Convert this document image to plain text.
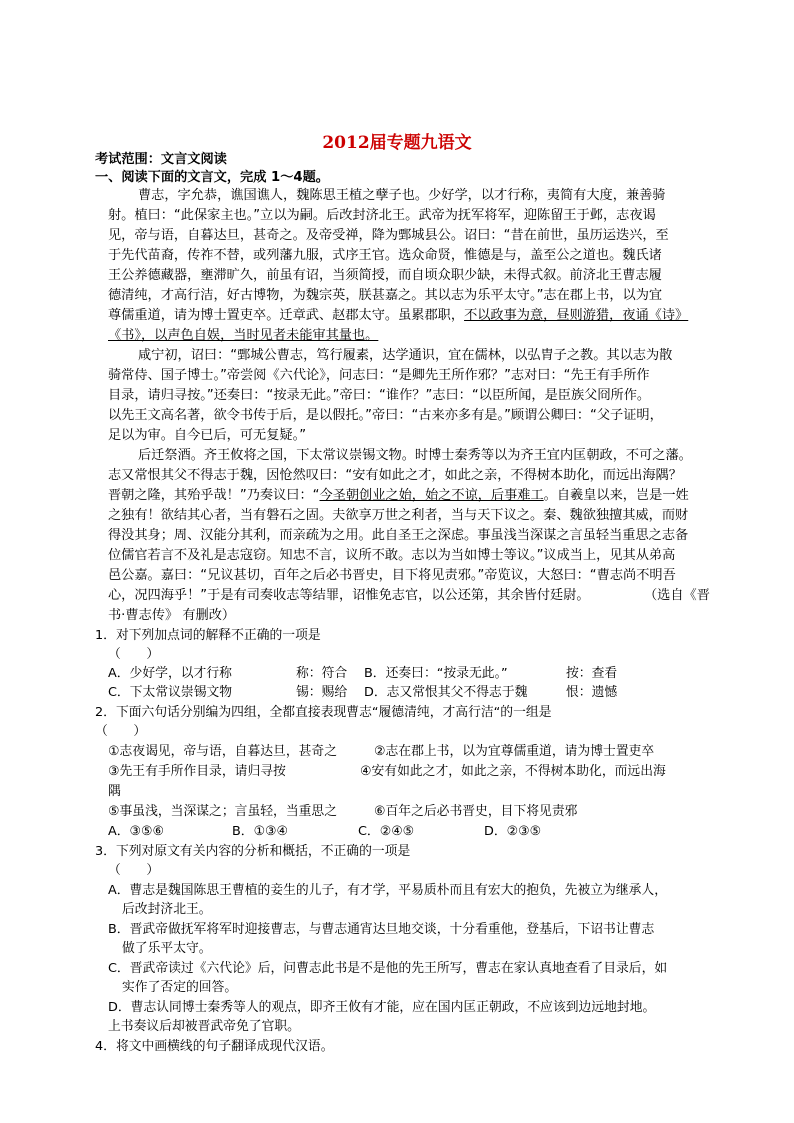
2012届专题九语文
考试范围：文言文阅读
一、阅读下面的文言文，完成 1～4题。
曹志，字允恭，谯国谯人，魏陈思王植之孽子也。少好学，以才行称，夷简有大度，兼善骑
射。植曰：“此保家主也。”立以为嗣。后改封济北王。武帝为抚军将军，迎陈留王于邺，志夜谒
见，帝与语，自暮达旦，甚奇之。及帝受禅，降为鄄城县公。诏曰：“昔在前世，虽历运迭兴，至
于先代苗裔，传祚不替，或列藩九服，式序王官。选众命贤，惟德是与，盖至公之道也。魏氏诸
王公养德藏器，壅滞旷久，前虽有诏，当须简授，而自顷众职少缺，未得式叙。前济北王曹志履
德清纯，才高行洁，好古博物，为魏宗英，朕甚嘉之。其以志为乐平太守。”志在郡上书，以为宜
尊儒重道，请为博士置吏卒。迁章武、赵郡太守。虽累郡职，不以政事为意，昼则游猎，夜诵《诗》
《书》，以声色自娱，当时见者未能审其量也。
咸宁初，诏曰：“鄄城公曹志，笃行履素，达学通识，宜在儒林，以弘胄子之教。其以志为散
骑常侍、国子博士。”帝尝阅《六代论》，问志曰：“是卿先王所作邪？”志对曰：“先王有手所作
目录，请归寻按。”还奏曰：“按录无此。”帝曰：“谁作？”志曰：“以臣所闻，是臣族父冏所作。
以先王文高名著，欲令书传于后，是以假托。”帝曰：“古来亦多有是。”顾谓公卿曰：“父子证明，
足以为审。自今已后，可无复疑。”
后迁祭酒。齐王攸将之国，下太常议崇锡文物。时博士秦秀等以为齐王宜内匡朝政，不可之藩。
志又常恨其父不得志于魏，因怆然叹曰：“安有如此之才，如此之亲，不得树本助化，而远出海隅？
晋朝之隆，其殆乎哉！”乃奏议曰：“今圣朝创业之始，始之不谅，后事难工。自羲皇以来，岂是一姓
之独有！欲结其心者，当有磐石之固。夫欲享万世之利者，当与天下议之。秦、魏欲独擅其威，而财
得没其身；周、汉能分其利，而亲疏为之用。此自圣王之深虑。事虽浅当深谋之言虽轻当重思之志备
位儒官若言不及礼是志寇窃。知忠不言，议所不敢。志以为当如博士等议。”议成当上，见其从弟高
邑公嘉。嘉曰：“兄议甚切，百年之后必书晋史，目下将见责邪。”帝览议，大怒曰：“曹志尚不明吾
心，况四海乎！”于是有司奏收志等结罪，诏惟免志官，以公还第，其余皆付廷尉。	（选自《晋
书·曹志传》 有删改）
1．对下列加点词的解释不正确的一项是
（　　）
A．少好学，以才行称	称：符合 B．还奏曰：“按录无此。”	按：查看
C．下太常议崇锡文物	锡：赐给 D．志又常恨其父不得志于魏	恨：遗憾
2．下面六句话分别编为四组，全都直接表现曹志“履德清纯，才高行洁“的一组是
（　　）
①志夜谒见，帝与语，自暮达旦，甚奇之	②志在郡上书，以为宜尊儒重道，请为博士置吏卒
③先王有手所作目录，请归寻按	④安有如此之才，如此之亲，不得树本助化，而远出海
隅
⑤事虽浅，当深谋之；言虽轻，当重思之	⑥百年之后必书晋史，目下将见责邪
A．③⑤⑥	B．①③④	C．②④⑤	D．②③⑤
3．下列对原文有关内容的分析和概括，不正确的一项是
（　　）
A．曹志是魏国陈思王曹植的妾生的儿子，有才学，平易质朴而且有宏大的抱负，先被立为继承人，
后改封济北王。
B．晋武帝做抚军将军时迎接曹志，与曹志通宵达旦地交谈，十分看重他，登基后，下诏书让曹志
做了乐平太守。
C．晋武帝读过《六代论》后，问曹志此书是不是他的先王所写，曹志在家认真地查看了目录后，如
实作了否定的回答。
D．曹志认同博士秦秀等人的观点，即齐王攸有才能，应在国内匡正朝政，不应该到边远地封地。
上书奏议后却被晋武帝免了官职。
4．将文中画横线的句子翻译成现代汉语。
